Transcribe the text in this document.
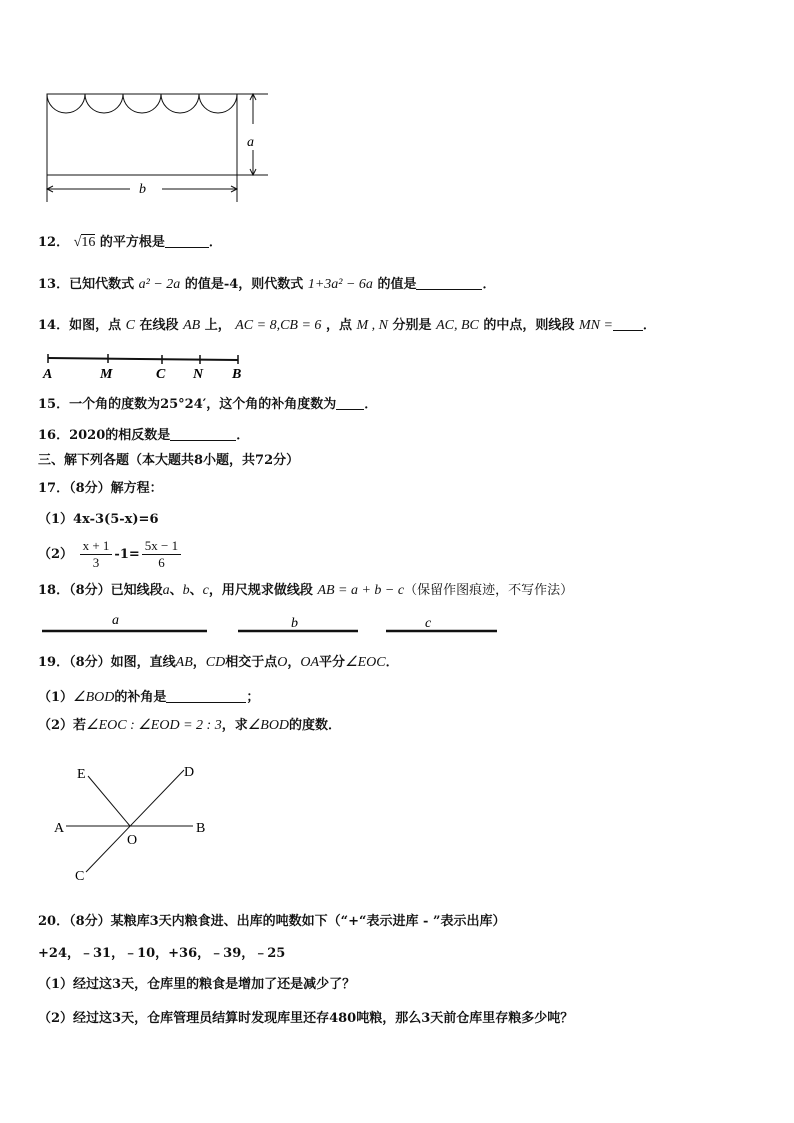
a
b
12． √16 的平方根是	．
13．已知代数式 a² − 2a 的值是-4，则代数式 1+3a² − 6a 的值是	．
14．如图，点 C 在线段 AB 上， AC = 8,CB = 6 ，点 M , N 分别是 AC, BC 的中点，则线段 MN = ．
A	M	C N B
15．一个角的度数为25°24′，这个角的补角度数为 ．
16．2020的相反数是	．
三、解下列各题（本大题共8小题，共72分）
17．（8分）解方程：
（1）4x-3(5-x)=6
$(2) \frac{x + 1}{3} -1= \frac{5x - 1}{6}$
18．（8分）已知线段a、b、c，用尺规求做线段 AB = a + b − c（保留作图痕迹，不写作法）
a	b	c
19．（8分）如图，直线AB，CD相交于点O，OA平分∠EOC．
（1）∠BOD的补角是	；
（2）若∠EOC : ∠EOD = 2 : 3，求∠BOD的度数．
E	D
A	B
O
C
20．（8分）某粮库3天内粮食进、出库的吨数如下（“+“表示进库 - ”表示出库）
+24，﹣31，﹣10，+36，﹣39，﹣25
（1）经过这3天，仓库里的粮食是增加了还是减少了？
（2）经过这3天，仓库管理员结算时发现库里还存480吨粮，那么3天前仓库里存粮多少吨？
